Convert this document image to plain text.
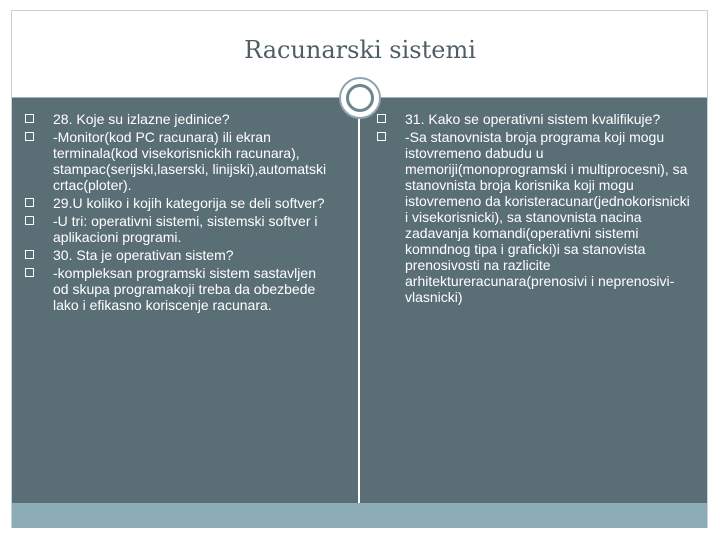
Racunarski sistemi
28. Koje su izlazne jedinice?
-Monitor(kod PC racunara) ili ekran terminala(kod visekorisnickih racunara), stampac(serijski,laserski, linijski),automatski crtac(ploter).
29.U koliko i kojih kategorija se deli softver?
-U tri: operativni sistemi, sistemski softver i aplikacioni programi.
30. Sta je operativan sistem?
-kompleksan programski sistem sastavljen od skupa programakoji treba da obezbede lako i efikasno koriscenje racunara.
31. Kako se operativni sistem kvalifikuje?
-Sa stanovnista broja programa koji mogu istovremeno dabudu u memoriji(monoprogramski i multiprocesni), sa stanovnista broja korisnika koji mogu istovremeno da koristeracunar(jednokorisnicki i visekorisnicki), sa stanovnista nacina zadavanja komandi(operativni sistemi komndnog tipa i graficki)i sa stanovista prenosivosti na razlicite arhitektureracunara(prenosivi i neprenosivi-vlasnicki)
